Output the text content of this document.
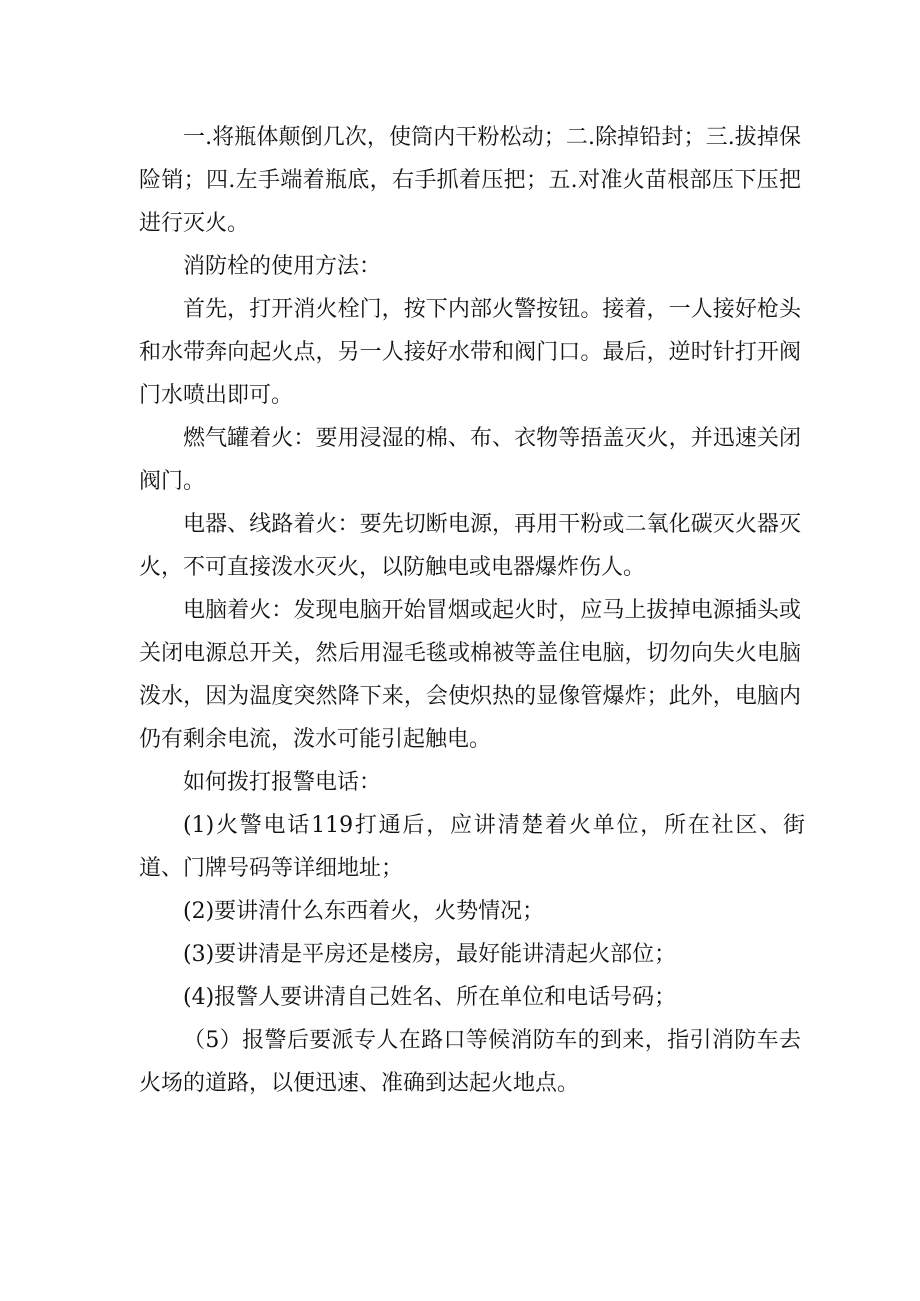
一.将瓶体颠倒几次，使筒内干粉松动；二.除掉铅封；三.拔掉保险销；四.左手端着瓶底，右手抓着压把；五.对准火苗根部压下压把进行灭火。

消防栓的使用方法：

首先，打开消火栓门，按下内部火警按钮。接着，一人接好枪头和水带奔向起火点，另一人接好水带和阀门口。最后，逆时针打开阀门水喷出即可。

燃气罐着火：要用浸湿的棉、布、衣物等捂盖灭火，并迅速关闭阀门。

电器、线路着火：要先切断电源，再用干粉或二氧化碳灭火器灭火，不可直接泼水灭火，以防触电或电器爆炸伤人。

电脑着火：发现电脑开始冒烟或起火时，应马上拔掉电源插头或关闭电源总开关，然后用湿毛毯或棉被等盖住电脑，切勿向失火电脑泼水，因为温度突然降下来，会使炽热的显像管爆炸；此外，电脑内仍有剩余电流，泼水可能引起触电。

如何拨打报警电话：

(1)火警电话119打通后，应讲清楚着火单位，所在社区、街道、门牌号码等详细地址；

(2)要讲清什么东西着火，火势情况；

(3)要讲清是平房还是楼房，最好能讲清起火部位；

(4)报警人要讲清自己姓名、所在单位和电话号码；

（5）报警后要派专人在路口等候消防车的到来，指引消防车去火场的道路，以便迅速、准确到达起火地点。
